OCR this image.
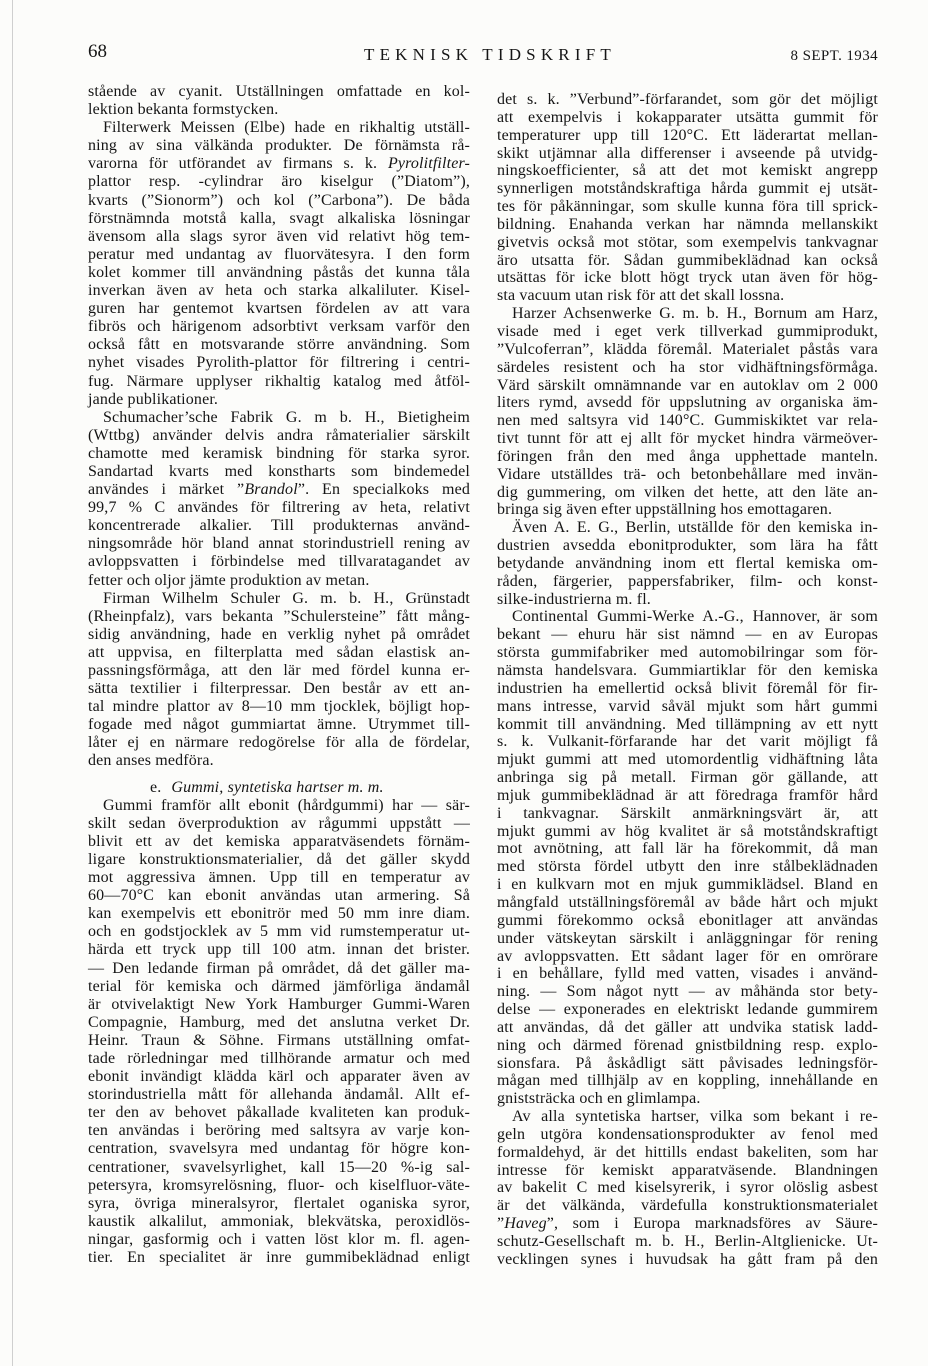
68	TEKNISK TIDSKRIFT	8 SEPT. 1934
stående av cyanit. Utställningen omfattade en kol-
lektion bekanta formstycken.
Filterwerk Meissen (Elbe) hade en rikhaltig utställ-
ning av sina välkända produkter. De förnämsta rå-
varorna för utförandet av firmans s. k. Pyrolitfilter-
plattor resp. -cylindrar äro kiselgur (”Diatom”),
kvarts (”Sionorm”) och kol (”Carbona”). De båda
förstnämnda motstå kalla, svagt alkaliska lösningar
ävensom alla slags syror även vid relativt hög tem-
peratur med undantag av fluorvätesyra. I den form
kolet kommer till användning påstås det kunna tåla
inverkan även av heta och starka alkaliluter. Kisel-
guren har gentemot kvartsen fördelen av att vara
fibrös och härigenom adsorbtivt verksam varför den
också fått en motsvarande större användning. Som
nyhet visades Pyrolith-plattor för filtrering i centri-
fug. Närmare upplyser rikhaltig katalog med åtföl-
jande publikationer.
Schumacher’sche Fabrik G. m b. H., Bietigheim
(Wttbg) använder delvis andra råmaterialier särskilt
chamotte med keramisk bindning för starka syror.
Sandartad kvarts med konstharts som bindemedel
användes i märket ”Brandol”. En specialkoks med
99,7 % C användes för filtrering av heta, relativt
koncentrerade alkalier. Till produkternas använd-
ningsområde hör bland annat storindustriell rening av
avloppsvatten i förbindelse med tillvaratagandet av
fetter och oljor jämte produktion av metan.
Firman Wilhelm Schuler G. m. b. H., Grünstadt
(Rheinpfalz), vars bekanta ”Schulersteine” fått mång-
sidig användning, hade en verklig nyhet på området
att uppvisa, en filterplatta med sådan elastisk an-
passningsförmåga, att den lär med fördel kunna er-
sätta textilier i filterpressar. Den består av ett an-
tal mindre plattor av 8—10 mm tjocklek, böjligt hop-
fogade med något gummiartat ämne. Utrymmet till-
låter ej en närmare redogörelse för alla de fördelar,
den anses medföra.
e. Gummi, syntetiska hartser m. m.
Gummi framför allt ebonit (hårdgummi) har — sär-
skilt sedan överproduktion av rågummi uppstått —
blivit ett av det kemiska apparatväsendets förnäm-
ligare konstruktionsmaterialier, då det gäller skydd
mot aggressiva ämnen. Upp till en temperatur av
60—70°C kan ebonit användas utan armering. Så
kan exempelvis ett ebonitrör med 50 mm inre diam.
och en godstjocklek av 5 mm vid rumstemperatur ut-
härda ett tryck upp till 100 atm. innan det brister.
— Den ledande firman på området, då det gäller ma-
terial för kemiska och därmed jämförliga ändamål
är otvivelaktigt New York Hamburger Gummi-Waren
Compagnie, Hamburg, med det anslutna verket Dr.
Heinr. Traun & Söhne. Firmans utställning omfat-
tade rörledningar med tillhörande armatur och med
ebonit invändigt klädda kärl och apparater även av
storindustriella mått för allehanda ändamål. Allt ef-
ter den av behovet påkallade kvaliteten kan produk-
ten användas i beröring med saltsyra av varje kon-
centration, svavelsyra med undantag för högre kon-
centrationer, svavelsyrlighet, kall 15—20 %-ig sal-
petersyra, kromsyrelösning, fluor- och kiselfluor-väte-
syra, övriga mineralsyror, flertalet oganiska syror,
kaustik alkalilut, ammoniak, blekvätska, peroxidlös-
ningar, gasformig och i vatten löst klor m. fl. agen-
tier. En specialitet är inre gummibeklädnad enligt
det s. k. ”Verbund”-förfarandet, som gör det möjligt
att exempelvis i kokapparater utsätta gummit för
temperaturer upp till 120°C. Ett läderartat mellan-
skikt utjämnar alla differenser i avseende på utvidg-
ningskoefficienter, så att det mot kemiskt angrepp
synnerligen motståndskraftiga hårda gummit ej utsät-
tes för påkänningar, som skulle kunna föra till sprick-
bildning. Enahanda verkan har nämnda mellanskikt
givetvis också mot stötar, som exempelvis tankvagnar
äro utsatta för. Sådan gummibeklädnad kan också
utsättas för icke blott högt tryck utan även för hög-
sta vacuum utan risk för att det skall lossna.
Harzer Achsenwerke G. m. b. H., Bornum am Harz,
visade med i eget verk tillverkad gummiprodukt,
”Vulcoferran”, klädda föremål. Materialet påstås vara
särdeles resistent och ha stor vidhäftningsförmåga.
Värd särskilt omnämnande var en autoklav om 2 000
liters rymd, avsedd för uppslutning av organiska äm-
nen med saltsyra vid 140°C. Gummiskiktet var rela-
tivt tunnt för att ej allt för mycket hindra värmeöver-
föringen från den med ånga upphettade manteln.
Vidare utställdes trä- och betonbehållare med invän-
dig gummering, om vilken det hette, att den läte an-
bringa sig även efter uppställning hos emottagaren.
Även A. E. G., Berlin, utställde för den kemiska in-
dustrien avsedda ebonitprodukter, som lära ha fått
betydande användning inom ett flertal kemiska om-
råden, färgerier, pappersfabriker, film- och konst-
silke-industrierna m. fl.
Continental Gummi-Werke A.-G., Hannover, är som
bekant — ehuru här sist nämnd — en av Europas
största gummifabriker med automobilringar som för-
nämsta handelsvara. Gummiartiklar för den kemiska
industrien ha emellertid också blivit föremål för fir-
mans intresse, varvid såväl mjukt som hårt gummi
kommit till användning. Med tillämpning av ett nytt
s. k. Vulkanit-förfarande har det varit möjligt få
mjukt gummi att med utomordentlig vidhäftning låta
anbringa sig på metall. Firman gör gällande, att
mjuk gummibeklädnad är att föredraga framför hård
i tankvagnar. Särskilt anmärkningsvärt är, att
mjukt gummi av hög kvalitet är så motståndskraftigt
mot avnötning, att fall lär ha förekommit, då man
med största fördel utbytt den inre stålbeklädnaden
i en kulkvarn mot en mjuk gummiklädsel. Bland en
mångfald utställningsföremål av både hårt och mjukt
gummi förekommo också ebonitlager att användas
under vätskeytan särskilt i anläggningar för rening
av avloppsvatten. Ett sådant lager för en omrörare
i en behållare, fylld med vatten, visades i använd-
ning. — Som något nytt — av måhända stor bety-
delse — exponerades en elektriskt ledande gummirem
att användas, då det gäller att undvika statisk ladd-
ning och därmed förenad gnistbildning resp. explo-
sionsfara. På åskådligt sätt påvisades ledningsför-
mågan med tillhjälp av en koppling, innehållande en
gniststräcka och en glimlampa.
Av alla syntetiska hartser, vilka som bekant i re-
geln utgöra kondensationsprodukter av fenol med
formaldehyd, är det hittills endast bakeliten, som har
intresse för kemiskt apparatväsende. Blandningen
av bakelit C med kiselsyrerik, i syror olöslig asbest
är det välkända, värdefulla konstruktionsmaterialet
”Haveg”, som i Europa marknadsföres av Säure-
schutz-Gesellschaft m. b. H., Berlin-Altglienicke. Ut-
vecklingen synes i huvudsak ha gått fram på den
